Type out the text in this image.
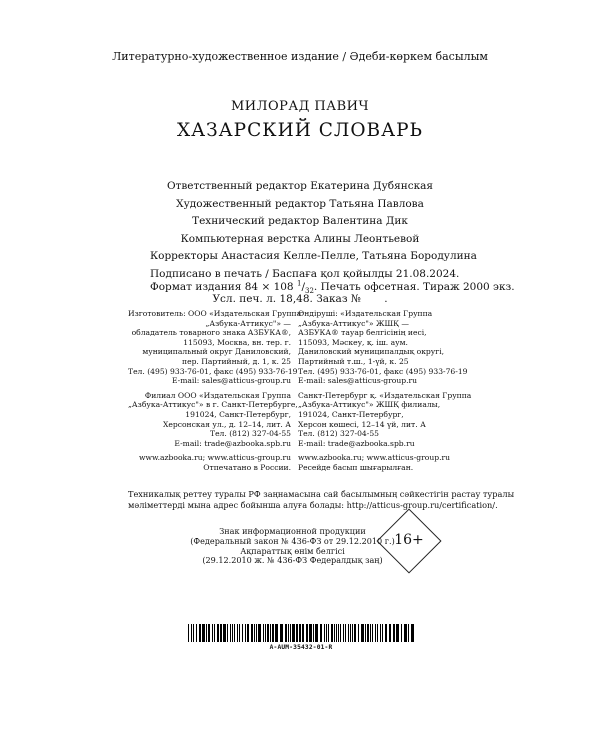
Литературно-художественное издание / Әдеби-көркем басылым
МИЛОРАД ПАВИЧ
ХАЗАРСКИЙ СЛОВАРЬ
Ответственный редактор Екатерина Дубянская
Художественный редактор Татьяна Павлова
Технический редактор Валентина Дик
Компьютерная верстка Алины Леонтьевой
Корректоры Анастасия Келле-Пелле, Татьяна Бородулина
Подписано в печать / Баспаға қол қойылды 21.08.2024.
Формат издания 84 × 108 $^1/_{32}$. Печать офсетная. Тираж 2000 экз.
Усл. печ. л. 18,48. Заказ №       .
Изготовитель: ООО «Издательская Группа
„Азбука-Аттикус"» —
обладатель товарного знака АЗБУКА®,
115093, Москва, вн. тер. г.
муниципальный округ Даниловский,
пер. Партийный, д. 1, к. 25
Тел. (495) 933-76-01, факс (495) 933-76-19
E-mail: sales@atticus-group.ru
Филиал ООО «Издательская Группа
„Азбука-Аттикус"» в г. Санкт-Петербурге,
191024, Санкт-Петербург,
Херсонская ул., д. 12–14, лит. А
Тел. (812) 327-04-55
E-mail: trade@azbooka.spb.ru
www.azbooka.ru; www.atticus-group.ru
Отпечатано в России.
Өндіруші: «Издательская Группа
„Азбука-Аттикус"» ЖШҚ —
АЗБУКА® тауар белгісінің иесі,
115093, Мәскеу, қ. іш. аум.
Даниловский муниципалдық округі,
Партийный т.ш., 1-үй, к. 25
Тел. (495) 933-76-01, факс (495) 933-76-19
E-mail: sales@atticus-group.ru
Санкт-Петербург қ. «Издательская Группа
„Азбука-Аттикус"» ЖШҚ филиалы,
191024, Санкт-Петербург,
Херсон көшесі, 12–14 үй, лит. А
Тел. (812) 327-04-55
E-mail: trade@azbooka.spb.ru
www.azbooka.ru; www.atticus-group.ru
Ресейде басып шығарылған.
Техникалық реттеу туралы РФ заңнамасына сай басылымның сәйкестігін растау туралы
мәліметтерді мына адрес бойынша алуға болады: http://atticus-group.ru/certification/.
Знак информационной продукции
(Федеральный закон № 436-ФЗ от 29.12.2010 г.)
Ақпараттық өнім белгісі
(29.12.2010 ж. № 436-ФЗ Федералдық заң)
16+
A-AUM-35432-01-R
